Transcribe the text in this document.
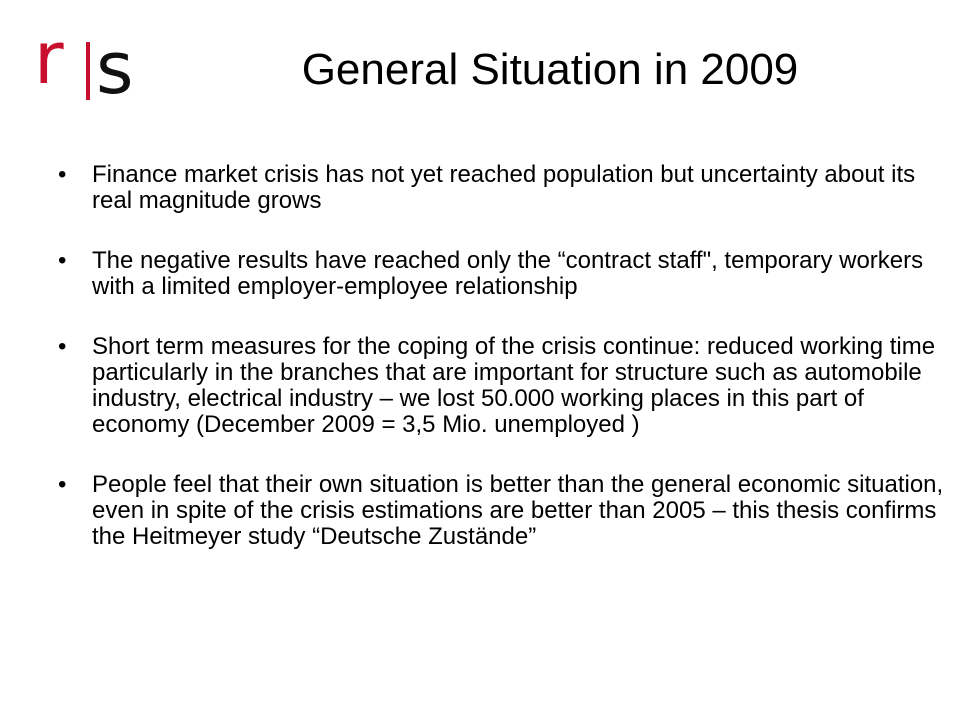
r s	General Situation in 2009
• Finance market crisis has not yet reached population but uncertainty about its real magnitude grows
• The negative results have reached only the “contract staff", temporary workers with a limited employer-employee relationship
• Short term measures for the coping of the crisis continue: reduced working time particularly in the branches that are important for structure such as automobile industry, electrical industry – we lost 50.000 working places in this part of economy (December 2009 = 3,5 Mio. unemployed )
• People feel that their own situation is better than the general economic situation, even in spite of the crisis estimations are better than 2005 – this thesis confirms the Heitmeyer study “Deutsche Zustände”
